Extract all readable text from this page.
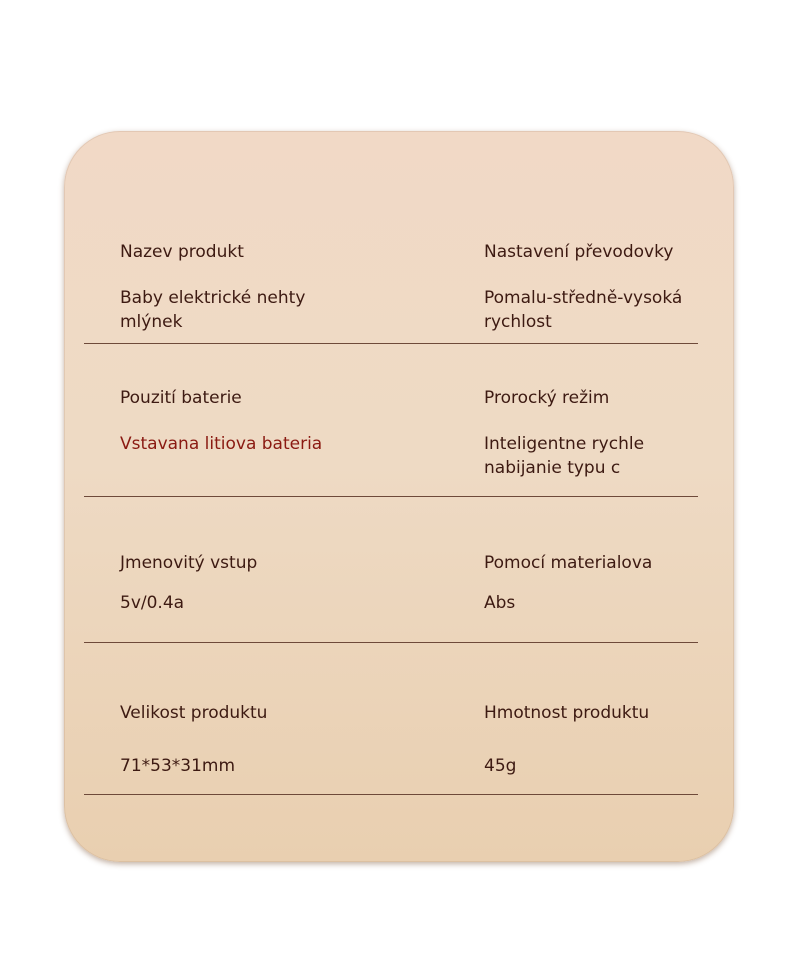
Nazev produkt
Baby elektrické nehty mlýnek
Nastavení převodovky
Pomalu-středně-vysoká rychlost
Pouzití baterie
Vstavana litiova bateria
Prorocký režim
Inteligentne rychle nabijanie typu c
Jmenovitý vstup
5v/0.4a
Pomocí materialova
Abs
Velikost produktu
71*53*31mm
Hmotnost produktu
45g
